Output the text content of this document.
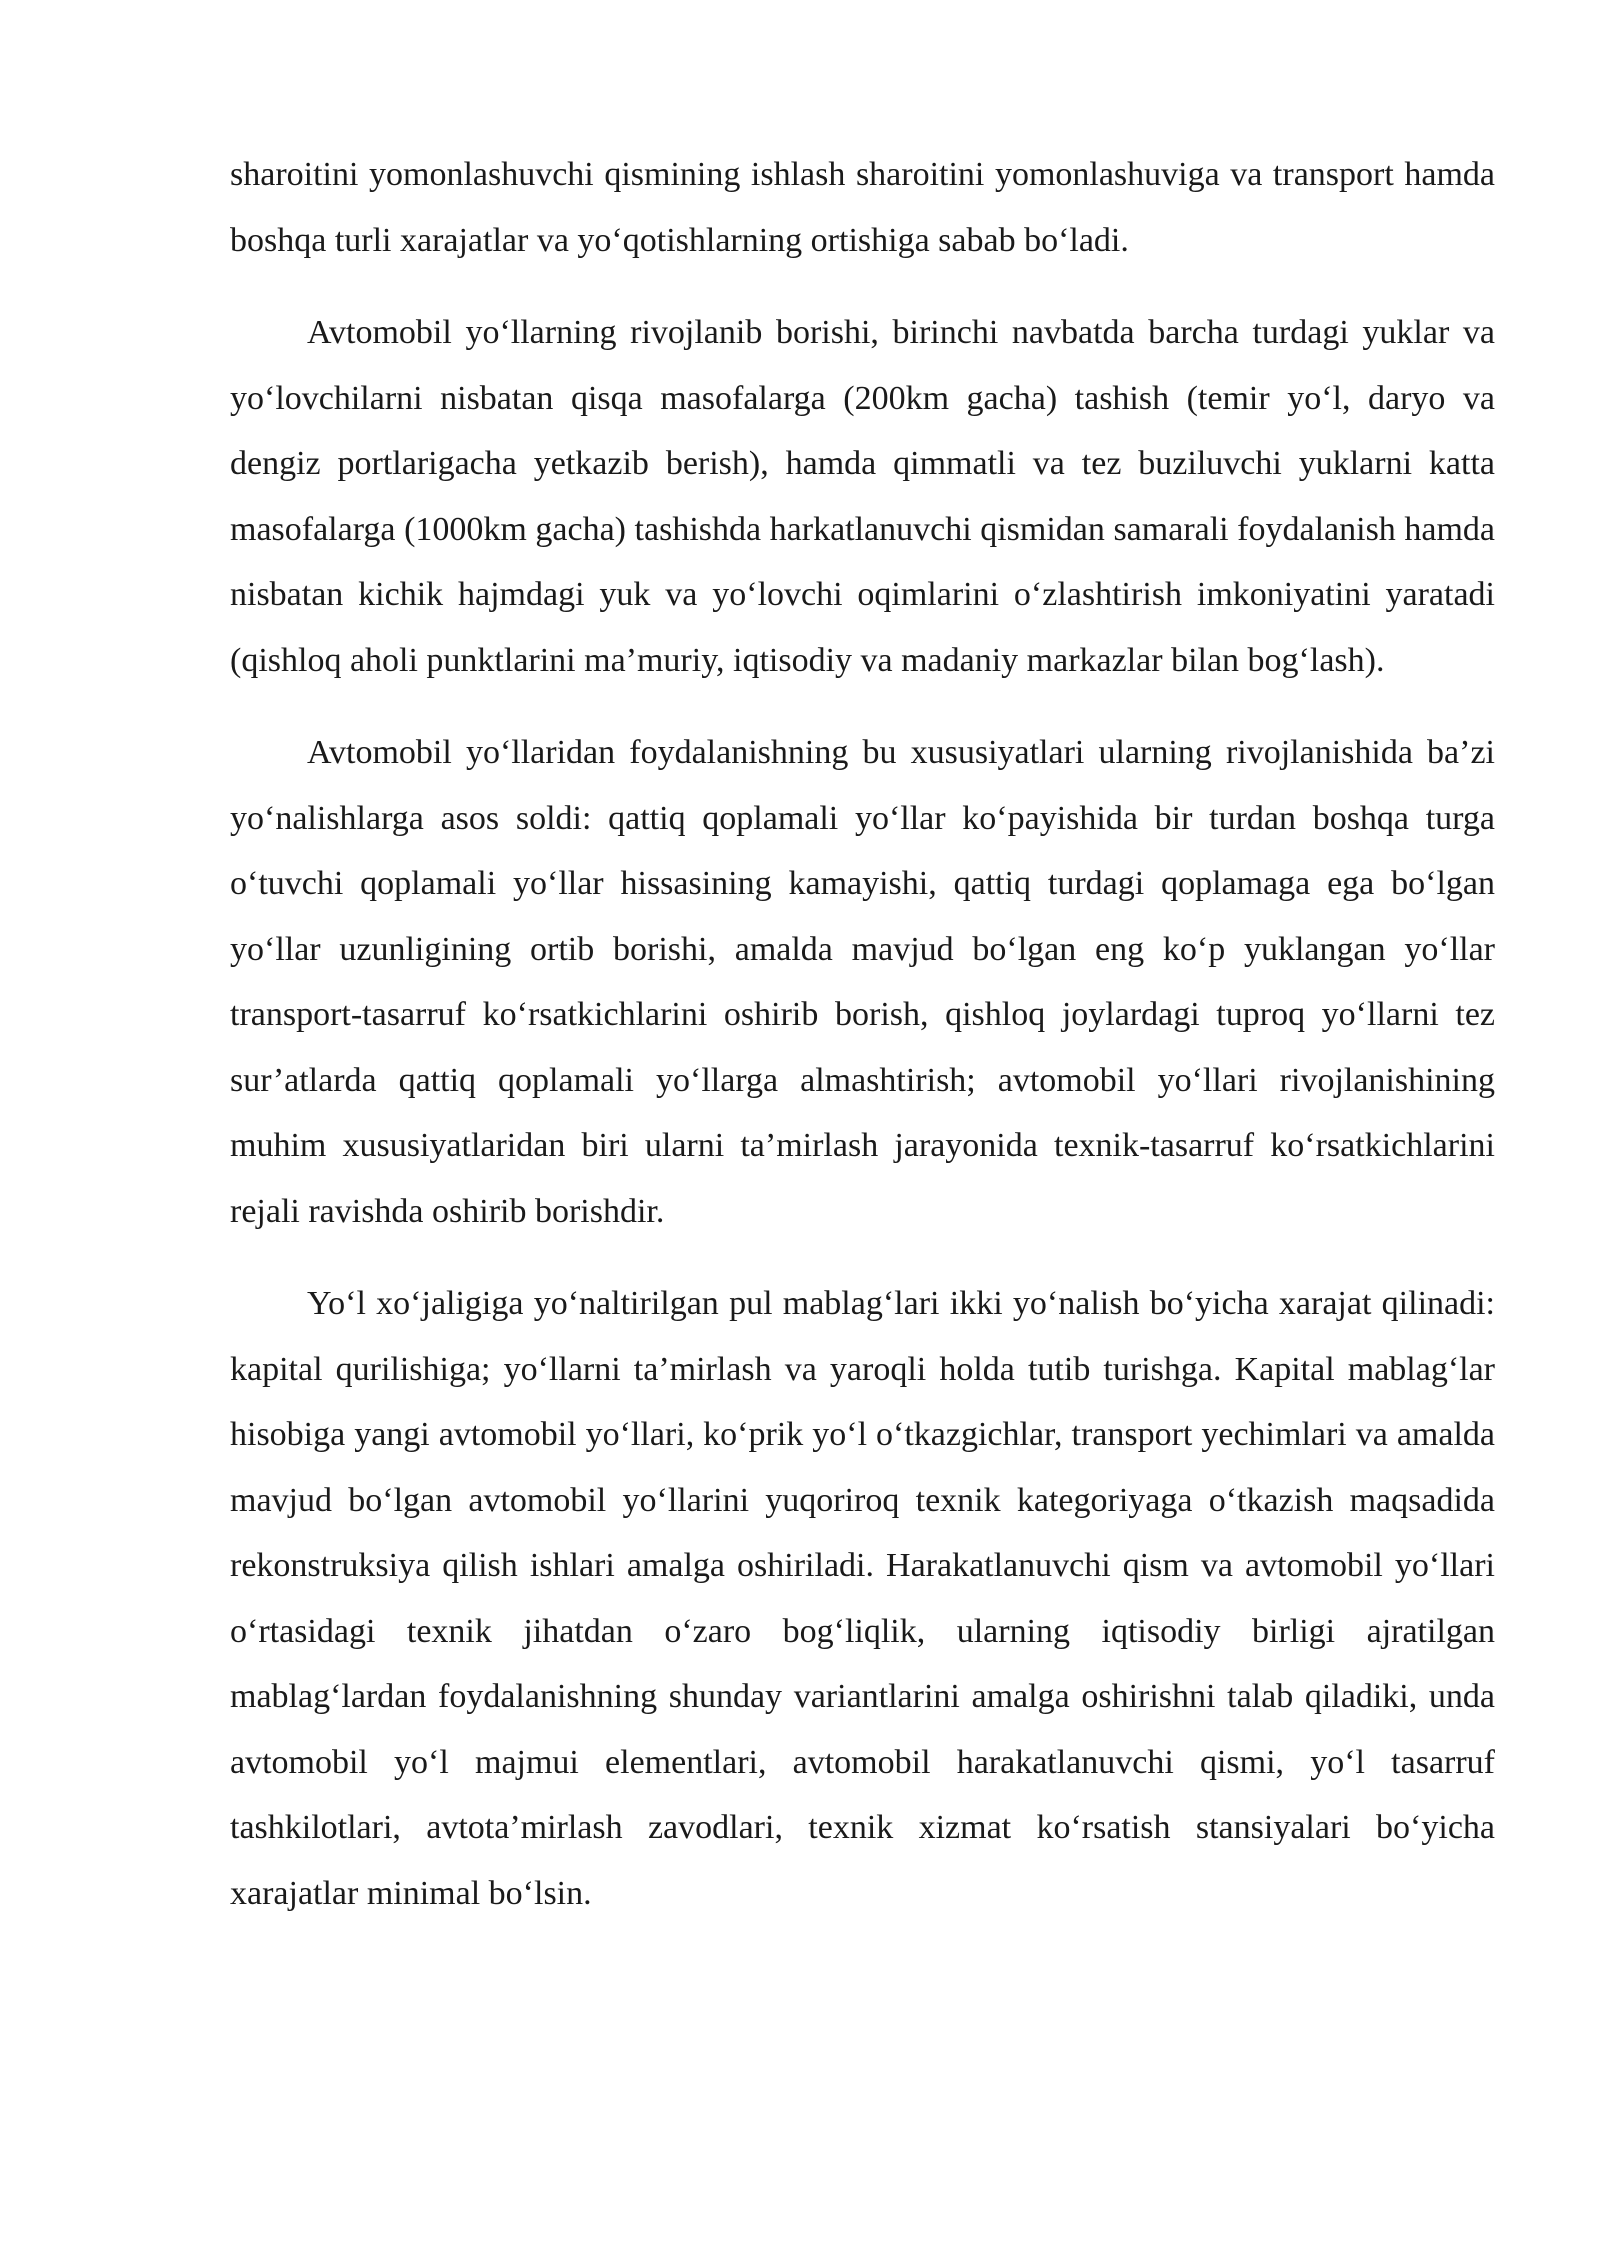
sharoitini yomonlashuvchi qismining ishlash sharoitini yomonlashuviga va transport hamda boshqa turli xarajatlar va yo‘qotishlarning ortishiga sabab bo‘ladi.

Avtomobil yo‘llarning rivojlanib borishi, birinchi navbatda barcha turdagi yuklar va yo‘lovchilarni nisbatan qisqa masofalarga (200km gacha) tashish (temir yo‘l, daryo va dengiz portlarigacha yetkazib berish), hamda qimmatli va tez buziluvchi yuklarni katta masofalarga (1000km gacha) tashishda harkatlanuvchi qismidan samarali foydalanish hamda nisbatan kichik hajmdagi yuk va yo‘lovchi oqimlarini o‘zlashtirish imkoniyatini yaratadi (qishloq aholi punktlarini ma’muriy, iqtisodiy va madaniy markazlar bilan bog‘lash).

Avtomobil yo‘llaridan foydalanishning bu xususiyatlari ularning rivojlanishida ba’zi yo‘nalishlarga asos soldi: qattiq qoplamali yo‘llar ko‘payishida bir turdan boshqa turga o‘tuvchi qoplamali yo‘llar hissasining kamayishi, qattiq turdagi qoplamaga ega bo‘lgan yo‘llar uzunligining ortib borishi, amalda mavjud bo‘lgan eng ko‘p yuklangan yo‘llar transport-tasarruf ko‘rsatkichlarini oshirib borish, qishloq joylardagi tuproq yo‘llarni tez sur’atlarda qattiq qoplamali yo‘llarga almashtirish; avtomobil yo‘llari rivojlanishining muhim xususiyatlaridan biri ularni ta’mirlash jarayonida texnik-tasarruf ko‘rsatkichlarini rejali ravishda oshirib borishdir.

Yo‘l xo‘jaligiga yo‘naltirilgan pul mablag‘lari ikki yo‘nalish bo‘yicha xarajat qilinadi: kapital qurilishiga; yo‘llarni ta’mirlash va yaroqli holda tutib turishga. Kapital mablag‘lar hisobiga yangi avtomobil yo‘llari, ko‘prik yo‘l o‘tkazgichlar, transport yechimlari va amalda mavjud bo‘lgan avtomobil yo‘llarini yuqoriroq texnik kategoriyaga o‘tkazish maqsadida rekonstruksiya qilish ishlari amalga oshiriladi. Harakatlanuvchi qism va avtomobil yo‘llari o‘rtasidagi texnik jihatdan o‘zaro bog‘liqlik, ularning iqtisodiy birligi ajratilgan mablag‘lardan foydalanishning shunday variantlarini amalga oshirishni talab qiladiki, unda avtomobil yo‘l majmui elementlari, avtomobil harakatlanuvchi qismi, yo‘l tasarruf tashkilotlari, avtota’mirlash zavodlari, texnik xizmat ko‘rsatish stansiyalari bo‘yicha xarajatlar minimal bo‘lsin.
